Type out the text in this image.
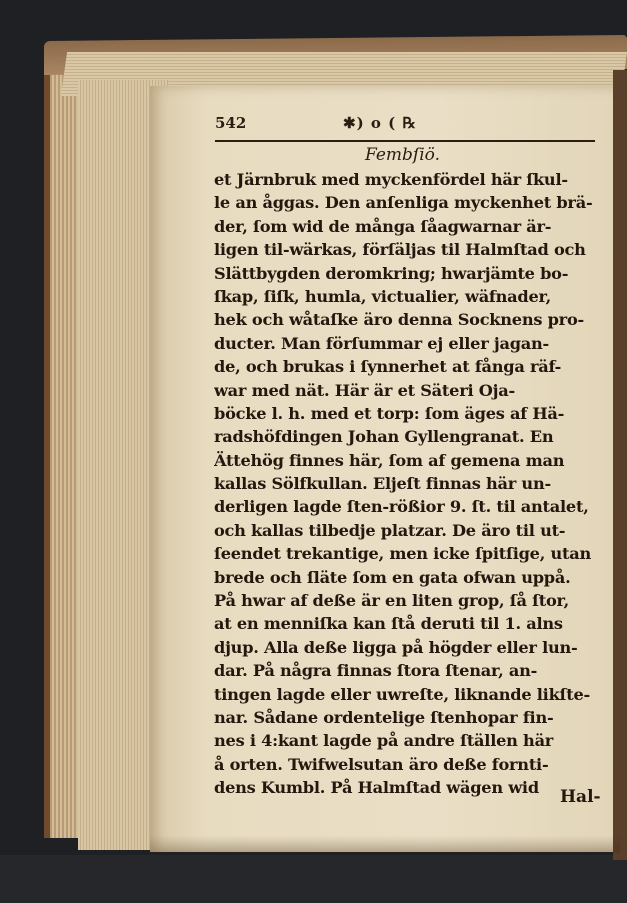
542	✱) o ( ℞
Fembſiö.
et Järnbruk med myckenfördel här ſkul-
le an åggas. Den anſenliga myckenhet brä-
der, ſom wid de många ſåagwarnar är-
ligen til-wärkas, förſäljas til Halmſtad och
Slättbygden deromkring; hwarjämte bo-
ſkap, ſiſk, humla, victualier, wäfnader,
hek och wåtaſke äro denna Socknens pro-
ducter. Man förſummar ej eller jagan-
de, och brukas i ſynnerhet at fånga räf-
war med nät. Här är et Säteri Oja-
böcke l. h. med et torp: ſom äges af Hä-
radshöfdingen Johan Gyllengranat. En
Ättehög finnes här, ſom af gemena man
kallas Sölfkullan. Eljeſt finnas här un-
derligen lagde ſten-rößior 9. ſt. til antalet,
och kallas tilbedje platzar. De äro til ut-
ſeendet trekantige, men icke ſpitſige, utan
brede och ſläte ſom en gata ofwan uppå.
På hwar af deße är en liten grop, ſå ſtor,
at en menniſka kan ſtå deruti til 1. alns
djup. Alla deße ligga på högder eller lun-
dar. På några finnas ſtora ſtenar, an-
tingen lagde eller uwreſte, liknande likſte-
nar. Sådane ordentelige ſtenhopar fin-
nes i 4:kant lagde på andre ſtällen här
å orten. Twifwelsutan äro deße fornti-
dens Kumbl. På Halmſtad wägen wid	Hal-
